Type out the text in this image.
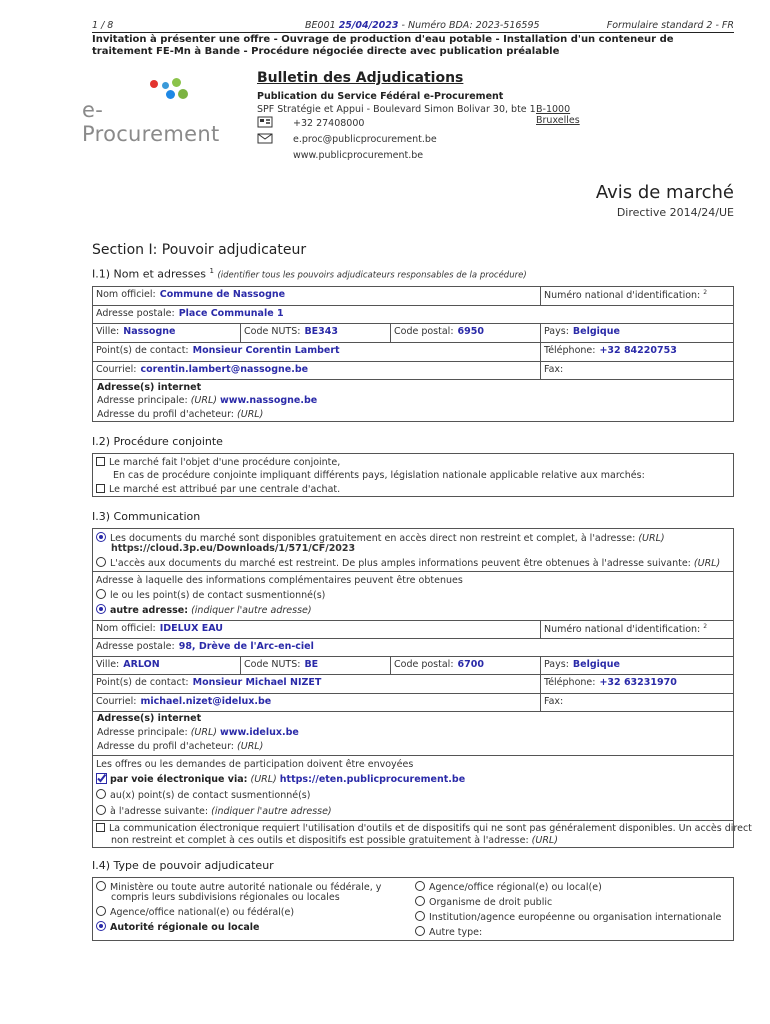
1 / 8	BE001 25/04/2023 - Numéro BDA: 2023-516595	Formulaire standard 2 - FR
Invitation à présenter une offre - Ouvrage de production d'eau potable - Installation d'un conteneur de traitement FE-Mn à Bande - Procédure négociée directe avec publication préalable
e-Procurement
Bulletin des Adjudications
Publication du Service Fédéral e-Procurement
SPF Stratégie et Appui - Boulevard Simon Bolivar 30, bte 1 B-1000 Bruxelles
+32 27408000
e.proc@publicprocurement.be
www.publicprocurement.be
Avis de marché
Directive 2014/24/UE
Section I: Pouvoir adjudicateur
I.1) Nom et adresses $^1$ (identifier tous les pouvoirs adjudicateurs responsables de la procédure)
Nom officiel: Commune de Nassogne	Numéro national d'identification: $^2$
Adresse postale: Place Communale 1
Ville: Nassogne	Code NUTS: BE343	Code postal: 6950	Pays: Belgique
Point(s) de contact: Monsieur Corentin Lambert	Téléphone: +32 84220753
Courriel: corentin.lambert@nassogne.be	Fax:
Adresse(s) internet
Adresse principale: (URL) www.nassogne.be
Adresse du profil d'acheteur: (URL)
I.2) Procédure conjointe
Le marché fait l'objet d'une procédure conjointe,
En cas de procédure conjointe impliquant différents pays, législation nationale applicable relative aux marchés:
Le marché est attribué par une centrale d'achat.
I.3) Communication
Les documents du marché sont disponibles gratuitement en accès direct non restreint et complet, à l'adresse: (URL)
https://cloud.3p.eu/Downloads/1/571/CF/2023
L'accès aux documents du marché est restreint. De plus amples informations peuvent être obtenues à l'adresse suivante: (URL)
Adresse à laquelle des informations complémentaires peuvent être obtenues
le ou les point(s) de contact susmentionné(s)
autre adresse: (indiquer l'autre adresse)
Nom officiel: IDELUX EAU	Numéro national d'identification: $^2$
Adresse postale: 98, Drève de l'Arc-en-ciel
Ville: ARLON	Code NUTS: BE	Code postal: 6700	Pays: Belgique
Point(s) de contact: Monsieur Michael NIZET	Téléphone: +32 63231970
Courriel: michael.nizet@idelux.be	Fax:
Adresse(s) internet
Adresse principale: (URL) www.idelux.be
Adresse du profil d'acheteur: (URL)
Les offres ou les demandes de participation doivent être envoyées
par voie électronique via: (URL) https://eten.publicprocurement.be
au(x) point(s) de contact susmentionné(s)
à l'adresse suivante: (indiquer l'autre adresse)
La communication électronique requiert l'utilisation d'outils et de dispositifs qui ne sont pas généralement disponibles. Un accès direct
non restreint et complet à ces outils et dispositifs est possible gratuitement à l'adresse: (URL)
I.4) Type de pouvoir adjudicateur
Ministère ou toute autre autorité nationale ou fédérale, y
compris leurs subdivisions régionales ou locales
Agence/office national(e) ou fédéral(e)
Autorité régionale ou locale
Agence/office régional(e) ou local(e)
Organisme de droit public
Institution/agence européenne ou organisation internationale
Autre type:
